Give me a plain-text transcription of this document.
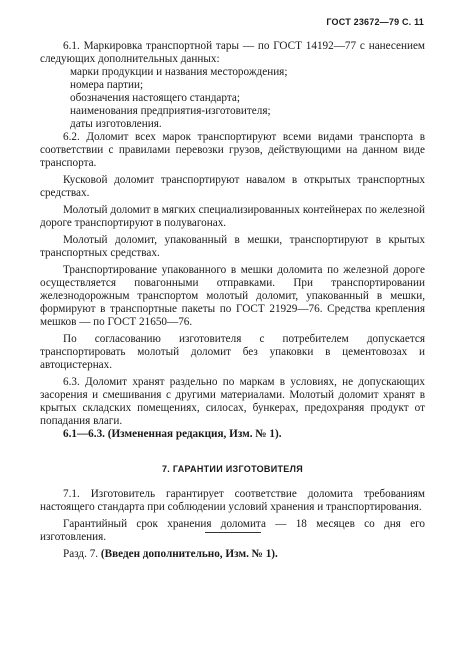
ГОСТ 23672—79 С. 11

6.1. Маркировка транспортной тары — по ГОСТ 14192—77 с нанесением следующих дополнительных данных:

марки продукции и названия месторождения;

номера партии;

обозначения настоящего стандарта;

наименования предприятия-изготовителя;

даты изготовления.

6.2. Доломит всех марок транспортируют всеми видами транспорта в соответствии с правилами перевозки грузов, действующими на данном виде транспорта.

Кусковой доломит транспортируют навалом в открытых транспортных средствах.

Молотый доломит в мягких специализированных контейнерах по железной дороге транспортируют в полувагонах.

Молотый доломит, упакованный в мешки, транспортируют в крытых транспортных средствах.

Транспортирование упакованного в мешки доломита по железной дороге осуществляется повагонными отправками. При транспортировании железнодорожным транспортом молотый доломит, упакованный в мешки, формируют в транспортные пакеты по ГОСТ 21929—76. Средства крепления мешков — по ГОСТ 21650—76.

По согласованию изготовителя с потребителем допускается транспортировать молотый доломит без упаковки в цементовозах и автоцистернах.

6.3. Доломит хранят раздельно по маркам в условиях, не допускающих засорения и смешивания с другими материалами. Молотый доломит хранят в крытых складских помещениях, силосах, бункерах, предохраняя продукт от попадания влаги.

6.1—6.3. (Измененная редакция, Изм. № 1).

7. ГАРАНТИИ ИЗГОТОВИТЕЛЯ

7.1. Изготовитель гарантирует соответствие доломита требованиям настоящего стандарта при соблюдении условий хранения и транспортирования.

Гарантийный срок хранения доломита — 18 месяцев со дня его изготовления.

Разд. 7. (Введен дополнительно, Изм. № 1).
